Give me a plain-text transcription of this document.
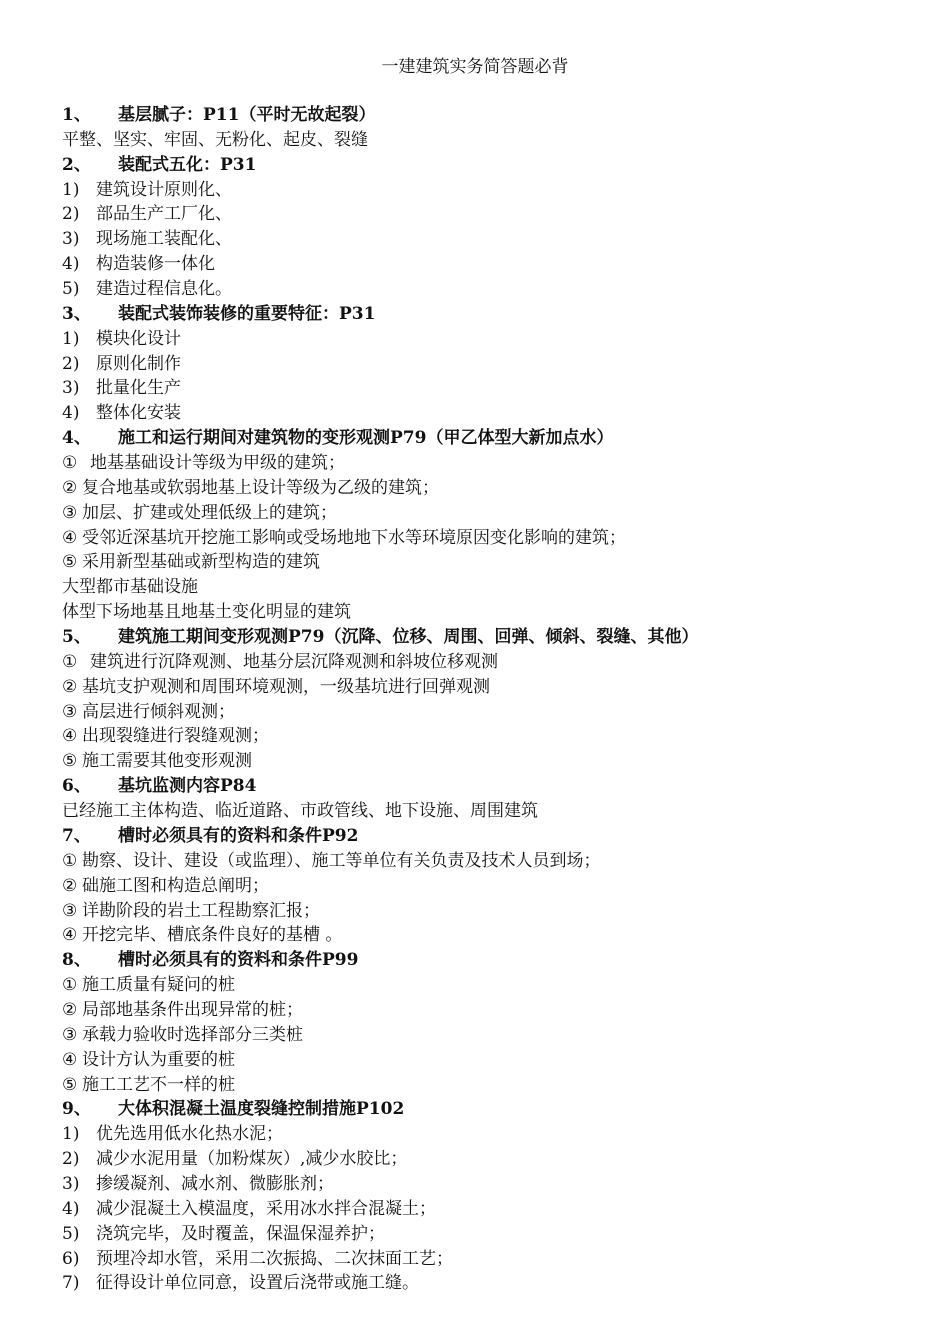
一建建筑实务简答题必背
1、 基层腻子：P11（平时无故起裂）
平整、坚实、牢固、无粉化、起皮、裂缝
2、 装配式五化：P31
1) 建筑设计原则化、
2) 部品生产工厂化、
3) 现场施工装配化、
4) 构造装修一体化
5) 建造过程信息化。
3、 装配式装饰装修的重要特征：P31
1) 模块化设计
2) 原则化制作
3) 批量化生产
4) 整体化安装
4、 施工和运行期间对建筑物的变形观测P79（甲乙体型大新加点水）
① 地基基础设计等级为甲级的建筑；
② 复合地基或软弱地基上设计等级为乙级的建筑；
③ 加层、扩建或处理低级上的建筑；
④ 受邻近深基坑开挖施工影响或受场地地下水等环境原因变化影响的建筑；
⑤ 采用新型基础或新型构造的建筑
大型都市基础设施
体型下场地基且地基土变化明显的建筑
5、 建筑施工期间变形观测P79（沉降、位移、周围、回弹、倾斜、裂缝、其他）
① 建筑进行沉降观测、地基分层沉降观测和斜坡位移观测
② 基坑支护观测和周围环境观测，一级基坑进行回弹观测
③ 高层进行倾斜观测；
④ 出现裂缝进行裂缝观测；
⑤ 施工需要其他变形观测
6、 基坑监测内容P84
已经施工主体构造、临近道路、市政管线、地下设施、周围建筑
7、 槽时必须具有的资料和条件P92
① 勘察、设计、建设（或监理）、施工等单位有关负责及技术人员到场；
② 础施工图和构造总阐明；
③ 详勘阶段的岩土工程勘察汇报；
④ 开挖完毕、槽底条件良好的基槽 。
8、 槽时必须具有的资料和条件P99
① 施工质量有疑问的桩
② 局部地基条件出现异常的桩；
③ 承载力验收时选择部分三类桩
④ 设计方认为重要的桩
⑤ 施工工艺不一样的桩
9、 大体积混凝土温度裂缝控制措施P102
1) 优先选用低水化热水泥；
2) 减少水泥用量（加粉煤灰）,减少水胶比；
3) 掺缓凝剂、减水剂、微膨胀剂；
4) 减少混凝土入模温度，采用冰水拌合混凝土；
5) 浇筑完毕，及时覆盖，保温保湿养护；
6) 预埋冷却水管，采用二次振捣、二次抹面工艺；
7) 征得设计单位同意，设置后浇带或施工缝。
